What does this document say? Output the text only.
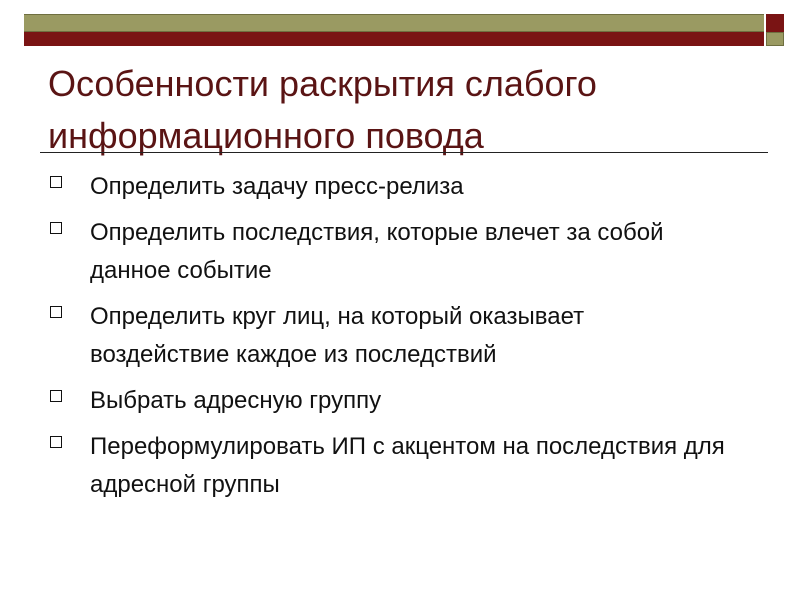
Особенности раскрытия слабого информационного повода
Определить задачу пресс-релиза
Определить последствия, которые влечет за собой данное событие
Определить круг лиц, на который оказывает воздействие каждое из последствий
Выбрать адресную группу
Переформулировать ИП с акцентом на последствия для адресной группы
